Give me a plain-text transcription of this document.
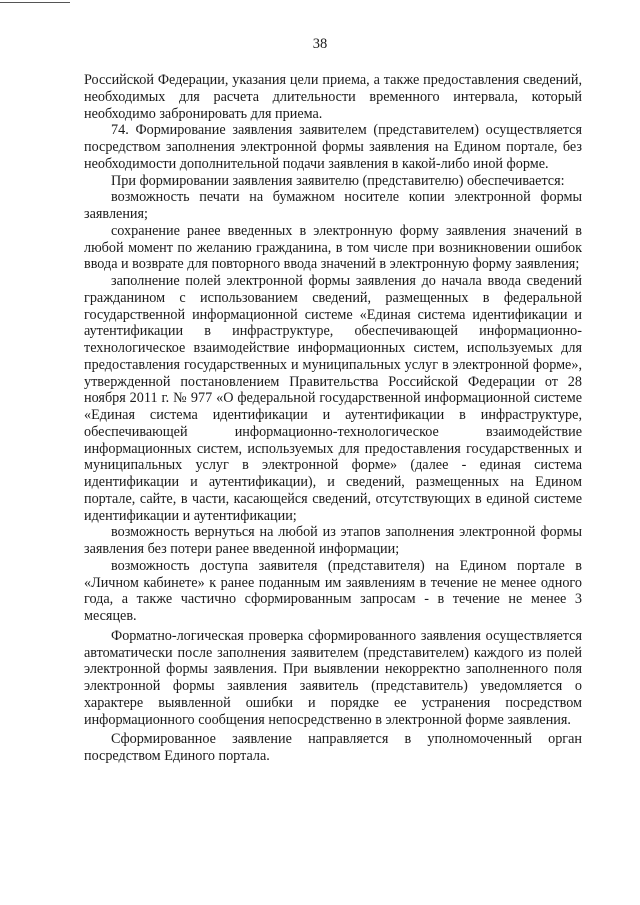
38

Российской Федерации, указания цели приема, а также предоставления сведений, необходимых для расчета длительности временного интервала, который необходимо забронировать для приема.

74. Формирование заявления заявителем (представителем) осуществляется посредством заполнения электронной формы заявления на Едином портале, без необходимости дополнительной подачи заявления в какой-либо иной форме.

При формировании заявления заявителю (представителю) обеспечивается:

возможность печати на бумажном носителе копии электронной формы заявления;

сохранение ранее введенных в электронную форму заявления значений в любой момент по желанию гражданина, в том числе при возникновении ошибок ввода и возврате для повторного ввода значений в электронную форму заявления;

заполнение полей электронной формы заявления до начала ввода сведений гражданином с использованием сведений, размещенных в федеральной государственной информационной системе «Единая система идентификации и аутентификации в инфраструктуре, обеспечивающей информационно-технологическое взаимодействие информационных систем, используемых для предоставления государственных и муниципальных услуг в электронной форме», утвержденной постановлением Правительства Российской Федерации от 28 ноября 2011 г. № 977 «О федеральной государственной информационной системе «Единая система идентификации и аутентификации в инфраструктуре, обеспечивающей информационно-технологическое взаимодействие информационных систем, используемых для предоставления государственных и муниципальных услуг в электронной форме» (далее - единая система идентификации и аутентификации), и сведений, размещенных на Едином портале, сайте, в части, касающейся сведений, отсутствующих в единой системе идентификации и аутентификации;

возможность вернуться на любой из этапов заполнения электронной формы заявления без потери ранее введенной информации;

возможность доступа заявителя (представителя) на Едином портале в «Личном кабинете» к ранее поданным им заявлениям в течение не менее одного года, а также частично сформированным запросам - в течение не менее 3 месяцев.

Форматно-логическая проверка сформированного заявления осуществляется автоматически после заполнения заявителем (представителем) каждого из полей электронной формы заявления. При выявлении некорректно заполненного поля электронной формы заявления заявитель (представитель) уведомляется о характере выявленной ошибки и порядке ее устранения посредством информационного сообщения непосредственно в электронной форме заявления.

Сформированное заявление направляется в уполномоченный орган посредством Единого портала.
